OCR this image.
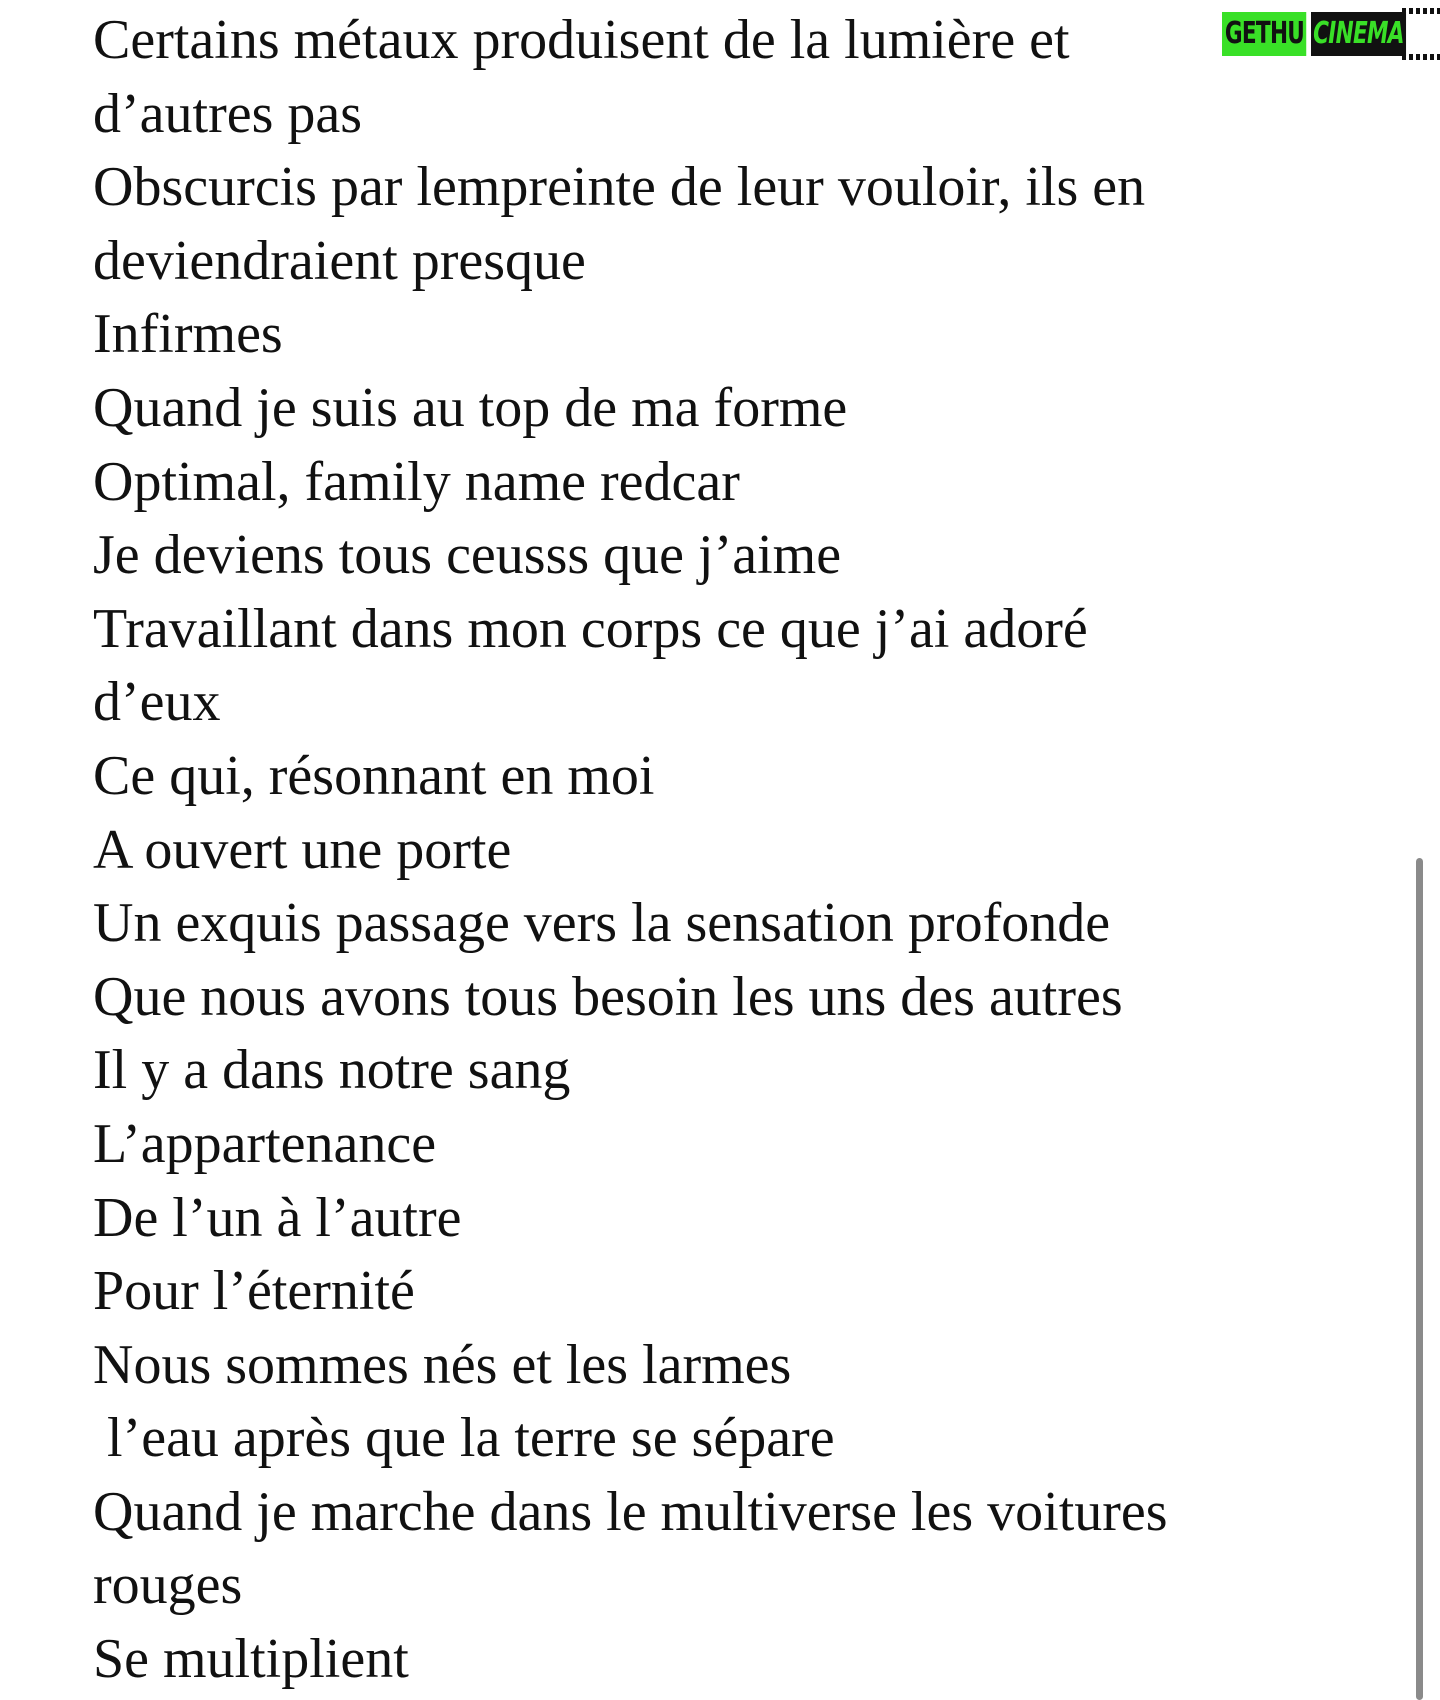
Certains métaux produisent de la lumière et
d’autres pas
Obscurcis par lempreinte de leur vouloir, ils en
deviendraient presque
Infirmes
Quand je suis au top de ma forme
Optimal, family name redcar
Je deviens tous ceusss que j’aime
Travaillant dans mon corps ce que j’ai adoré
d’eux
Ce qui, résonnant en moi
A ouvert une porte
Un exquis passage vers la sensation profonde
Que nous avons tous besoin les uns des autres
Il y a dans notre sang
L’appartenance
De l’un à l’autre
Pour l’éternité
Nous sommes nés et les larmes
l’eau après que la terre se sépare
Quand je marche dans le multiverse les voitures
rouges
Se multiplient
GETHU CINEMA
